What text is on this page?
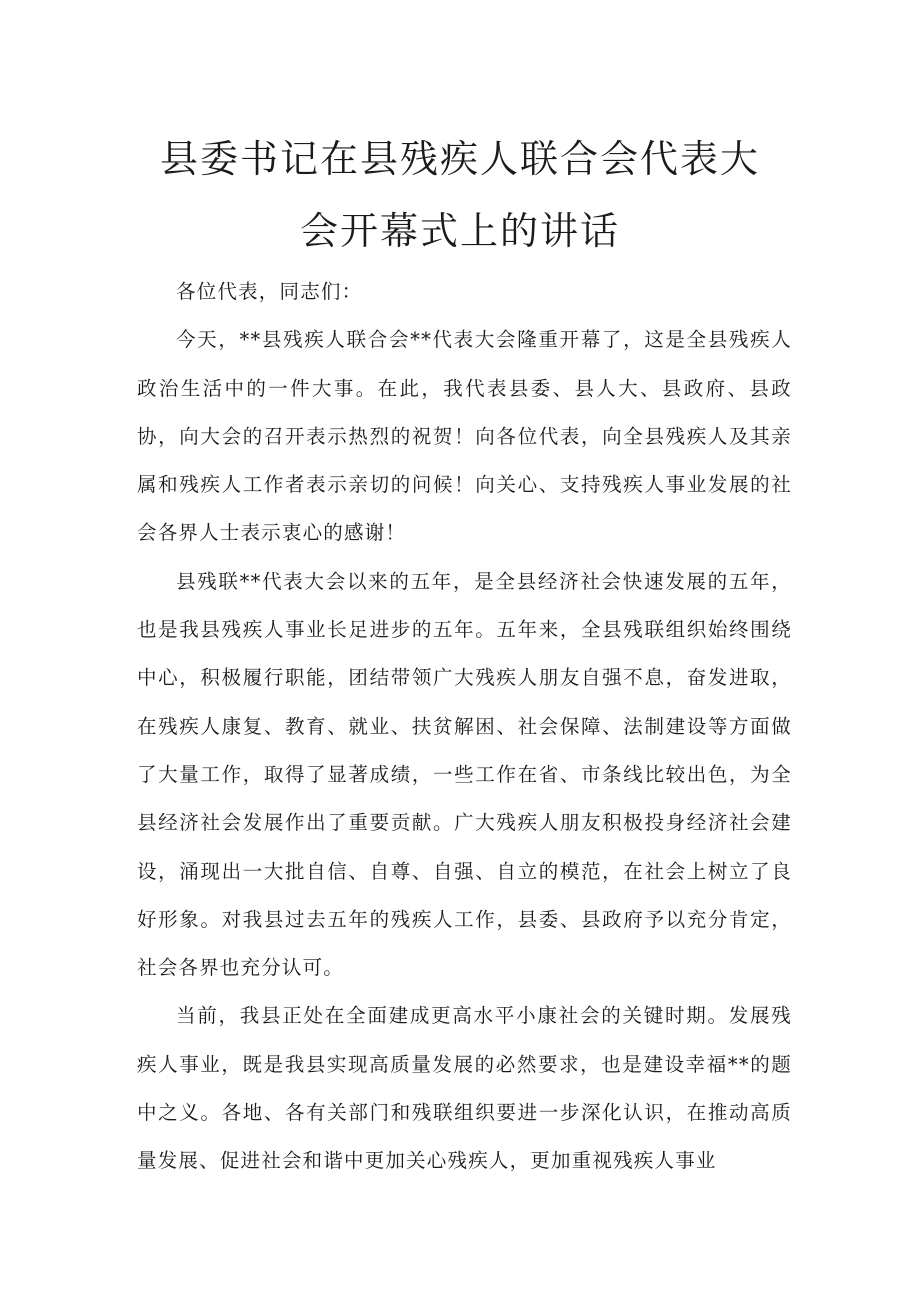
县委书记在县残疾人联合会代表大
会开幕式上的讲话

各位代表，同志们：

今天，**县残疾人联合会**代表大会隆重开幕了，这是全县残疾人政治生活中的一件大事。在此，我代表县委、县人大、县政府、县政协，向大会的召开表示热烈的祝贺！向各位代表，向全县残疾人及其亲属和残疾人工作者表示亲切的问候！向关心、支持残疾人事业发展的社会各界人士表示衷心的感谢！

县残联**代表大会以来的五年，是全县经济社会快速发展的五年，也是我县残疾人事业长足进步的五年。五年来，全县残联组织始终围绕中心，积极履行职能，团结带领广大残疾人朋友自强不息，奋发进取，在残疾人康复、教育、就业、扶贫解困、社会保障、法制建设等方面做了大量工作，取得了显著成绩，一些工作在省、市条线比较出色，为全县经济社会发展作出了重要贡献。广大残疾人朋友积极投身经济社会建设，涌现出一大批自信、自尊、自强、自立的模范，在社会上树立了良好形象。对我县过去五年的残疾人工作，县委、县政府予以充分肯定，社会各界也充分认可。

当前，我县正处在全面建成更高水平小康社会的关键时期。发展残疾人事业，既是我县实现高质量发展的必然要求，也是建设幸福**的题中之义。各地、各有关部门和残联组织要进一步深化认识，在推动高质量发展、促进社会和谐中更加关心残疾人，更加重视残疾人事业
